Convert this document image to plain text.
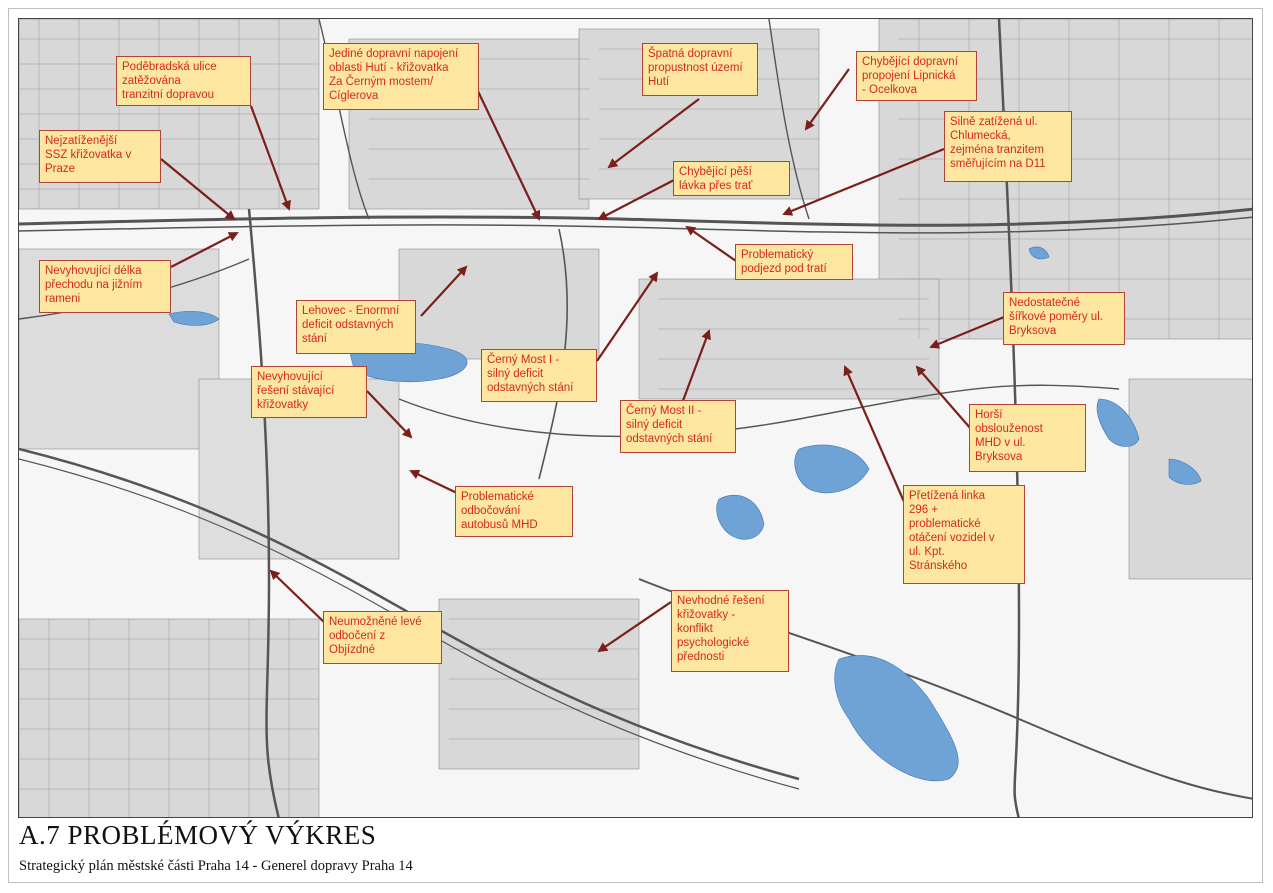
Poděbradská ulice
zatěžována
tranzitní dopravou
Jediné dopravní napojení
oblasti Hutí - křižovatka
Za Černým mostem/
Cíglerova
Špatná dopravní
propustnost území
Hutí
Chybějící dopravní
propojení Lipnická
- Ocelkova
Nejzatíženější
SSZ křižovatka v
Praze
Silně zatížená ul.
Chlumecká,
zejména tranzitem
směřujícím na D11
Chybějící pěší
lávka přes trať
Problematický
podjezd pod tratí
Nevyhovující délka
přechodu na jižním
rameni
Lehovec - Enormní
deficit odstavných
stání
Nedostatečné
šířkové poměry ul.
Bryksova
Černý Most I -
silný deficit
odstavných stání
Nevyhovující
řešení stávající
křižovatky	Černý Most II -
silný deficit
odstavných stání
Horší
obslouženost
MHD v ul.
Bryksova
Problematické
odbočování
autobusů MHD
Přetížená linka
296 +
problematické
otáčení vozidel v
ul. Kpt.
Stránského
Nevhodné řešení
křižovatky -
konflikt
psychologické
přednosti
Neumožněné levé
odbočení z
Objízdné
A.7 PROBLÉMOVÝ VÝKRES
Strategický plán městské části Praha 14 - Generel dopravy Praha 14
